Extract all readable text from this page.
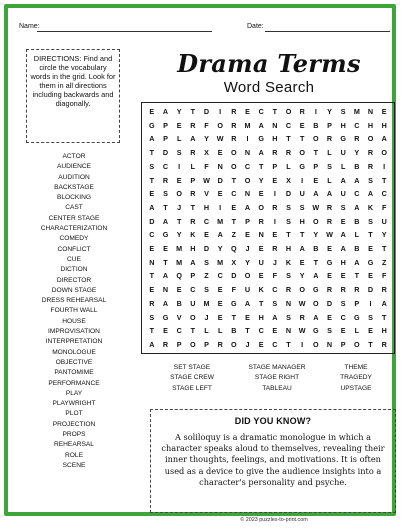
Name:	Date:
DIRECTIONS: Find and circle the vocabulary words in the grid. Look for them in all directions including backwards and diagonally.
Drama Terms
Word Search
ACTOR
AUDIENCE
AUDITION
BACKSTAGE
BLOCKING
CAST
CENTER STAGE
CHARACTERIZATION
COMEDY
CONFLICT
CUE
DICTION
DIRECTOR
DOWN STAGE
DRESS REHEARSAL
FOURTH WALL
HOUSE
IMPROVISATION
INTERPRETATION
MONOLOGUE
OBJECTIVE
PANTOMIME
PERFORMANCE
PLAY
PLAYWRIGHT
PLOT
PROJECTION
PROPS
REHEARSAL
ROLE
SCENE
E	A	Y	T	D	I	R	E	C	T	O	R	I	Y	S	M	N	E
G	P	E	R	F	O	R	M	A	N	C	E	B	P	H	C	H	H
A	P	L	A	Y	W	R	I	G	H	T	T	O	R	G	R	O	A
T	D	S	R	X	E	O	N	A	R	R	O	T	L	U	Y	R	O
S	C	I	L	F	N	O	C	T	P	L	G	P	S	L	B	R	I
T	R	E	P	W	D	T	O	Y	E	X	I	E	L	A	A	S	T
E	S	O	R	V	E	C	N	E	I	D	U	A	A	U	C	A	C
A	T	J	T	H	I	E	A	O	R	S	S	W	R	S	A	K	F
D	A	T	R	C	M	T	P	R	I	S	H	O	R	E	B	S	U
C	G	Y	K	E	A	Z	E	N	E	T	T	Y	W	A	L	T	Y
E	E	M	H	D	Y	Q	J	E	R	H	A	B	E	A	B	E	T
N	T	M	A	S	M	X	Y	U	J	K	E	T	G	H	A	G	Z
T	A	Q	P	Z	C	D	O	E	F	S	Y	A	E	E	T	E	F
E	N	E	C	S	E	F	U	K	C	R	O	G	R	R	R	D	R
R	A	B	U	M	E	G	A	T	S	N	W	O	D	S	P	I	A
S	G	V	O	J	E	T	E	H	A	S	R	A	E	C	G	S	T
T	E	C	T	L	L	B	T	C	E	N	W	G	S	E	L	E	H
A	R	P	O	P	R	O	J	E	C	T	I	O	N	P	O	T	R
SET STAGE	STAGE MANAGER	THEME
STAGE CREW	STAGE RIGHT	TRAGEDY
STAGE LEFT	TABLEAU	UPSTAGE
DID YOU KNOW?
A soliloquy is a dramatic monologue in which a character speaks aloud to themselves, revealing their inner thoughts, feelings, and motivations. It is often used as a device to give the audience insights into a character's personality and psyche.
© 2023 puzzles-to-print.com
